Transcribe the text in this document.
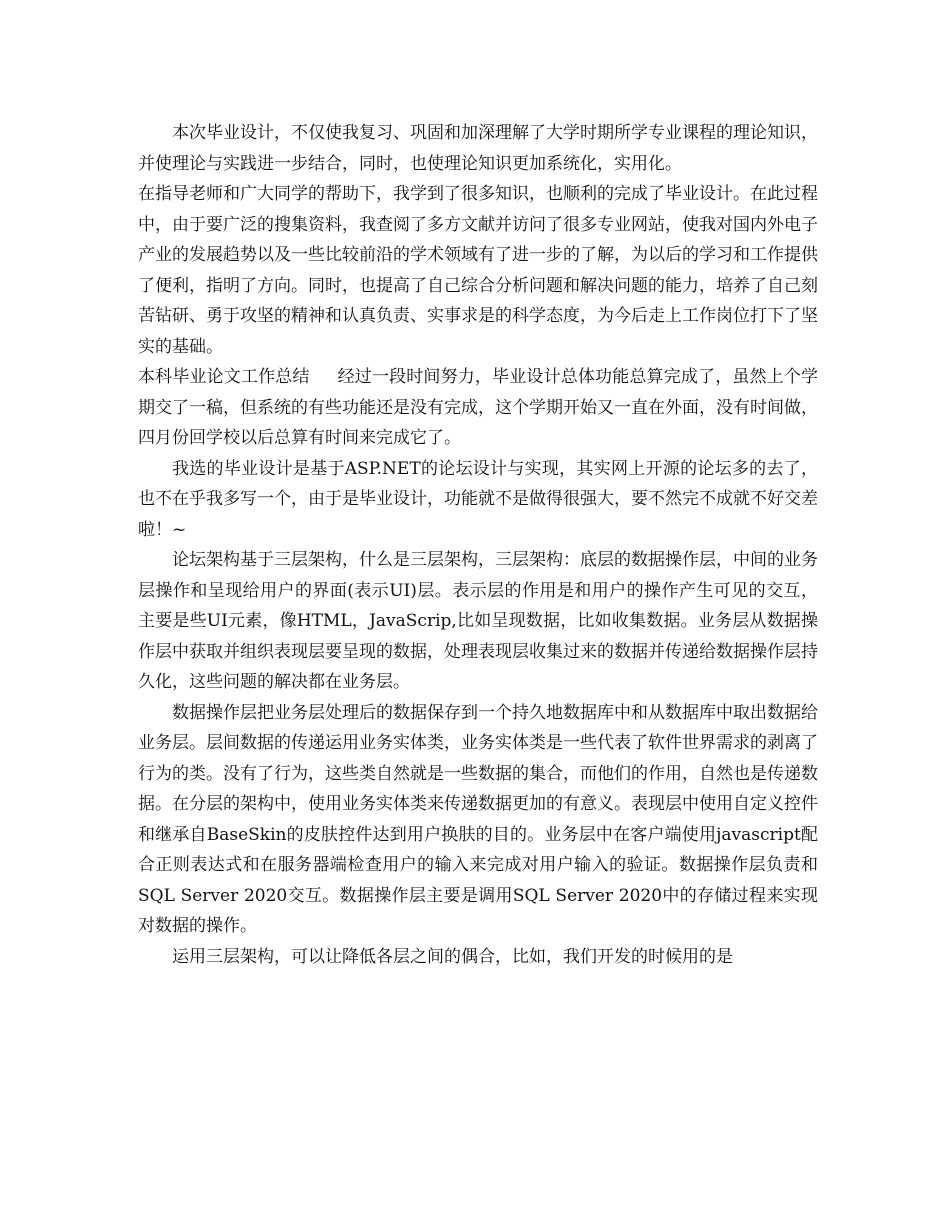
本次毕业设计，不仅使我复习、巩固和加深理解了大学时期所学专业课程的理论知识，并使理论与实践进一步结合，同时，也使理论知识更加系统化，实用化。

在指导老师和广大同学的帮助下，我学到了很多知识，也顺利的完成了毕业设计。在此过程中，由于要广泛的搜集资料，我查阅了多方文献并访问了很多专业网站，使我对国内外电子产业的发展趋势以及一些比较前沿的学术领域有了进一步的了解，为以后的学习和工作提供了便利，指明了方向。同时，也提高了自己综合分析问题和解决问题的能力，培养了自己刻苦钻研、勇于攻坚的精神和认真负责、实事求是的科学态度，为今后走上工作岗位打下了坚实的基础。

本科毕业论文工作总结 经过一段时间努力，毕业设计总体功能总算完成了，虽然上个学期交了一稿，但系统的有些功能还是没有完成，这个学期开始又一直在外面，没有时间做，四月份回学校以后总算有时间来完成它了。

我选的毕业设计是基于ASP.NET的论坛设计与实现，其实网上开源的论坛多的去了，也不在乎我多写一个，由于是毕业设计，功能就不是做得很强大，要不然完不成就不好交差啦！~

论坛架构基于三层架构，什么是三层架构，三层架构：底层的数据操作层，中间的业务层操作和呈现给用户的界面(表示UI)层。表示层的作用是和用户的操作产生可见的交互，主要是些UI元素，像HTML，JavaScrip,比如呈现数据，比如收集数据。业务层从数据操作层中获取并组织表现层要呈现的数据，处理表现层收集过来的数据并传递给数据操作层持久化，这些问题的解决都在业务层。

数据操作层把业务层处理后的数据保存到一个持久地数据库中和从数据库中取出数据给业务层。层间数据的传递运用业务实体类，业务实体类是一些代表了软件世界需求的剥离了行为的类。没有了行为，这些类自然就是一些数据的集合，而他们的作用，自然也是传递数据。在分层的架构中，使用业务实体类来传递数据更加的有意义。表现层中使用自定义控件和继承自BaseSkin的皮肤控件达到用户换肤的目的。业务层中在客户端使用javascript配合正则表达式和在服务器端检查用户的输入来完成对用户输入的验证。数据操作层负责和SQL Server 2020交互。数据操作层主要是调用SQL Server 2020中的存储过程来实现对数据的操作。

运用三层架构，可以让降低各层之间的偶合，比如，我们开发的时候用的是
